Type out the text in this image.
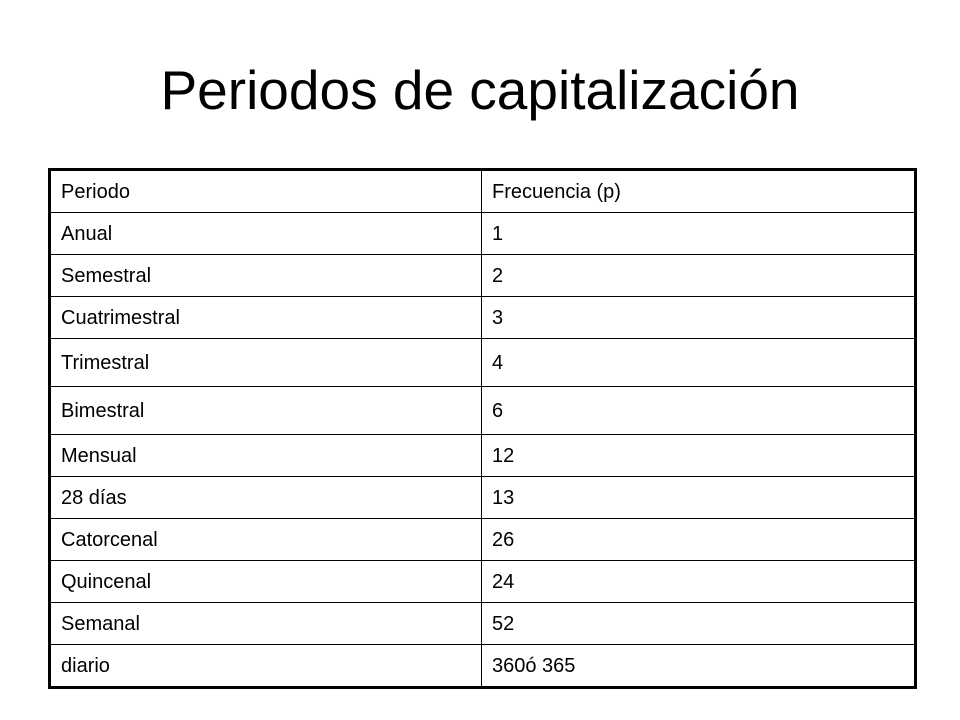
Periodos de capitalización
Periodo	Frecuencia (p)
Anual	1
Semestral	2
Cuatrimestral	3
Trimestral	4
Bimestral	6
Mensual	12
28 días	13
Catorcenal	26
Quincenal	24
Semanal	52
diario	360ó 365
